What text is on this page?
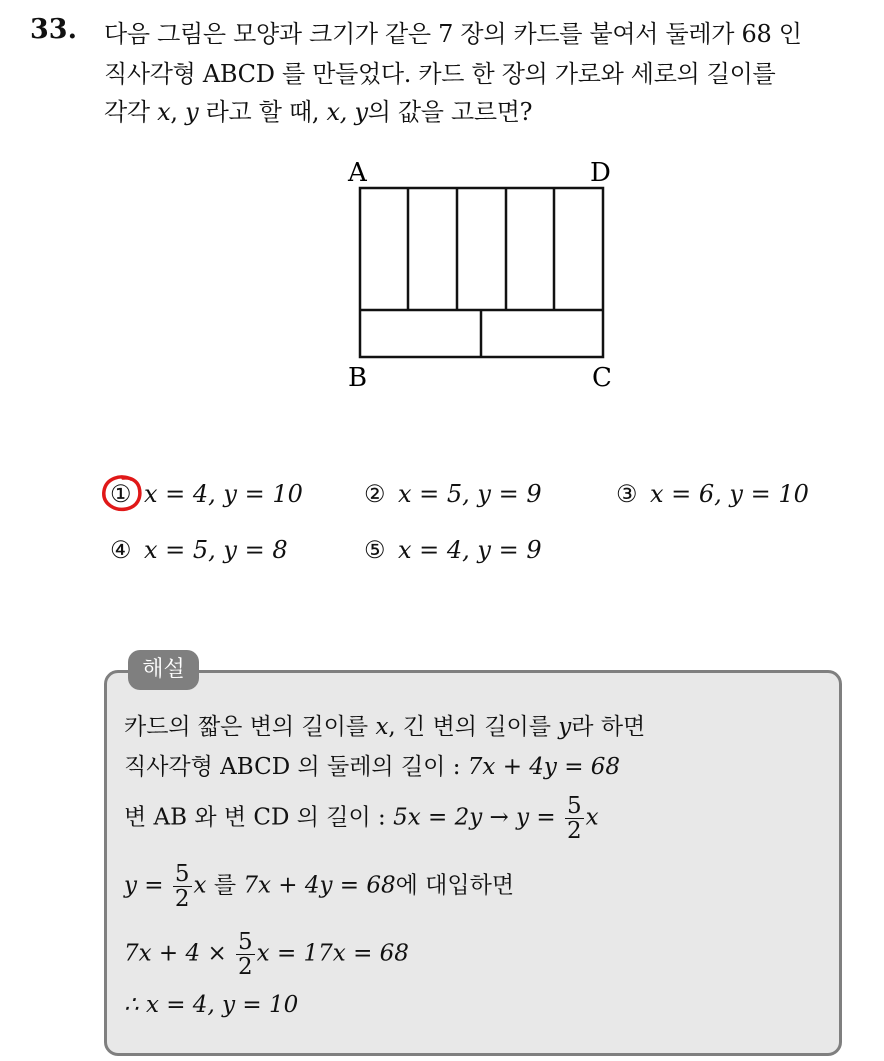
33. 다음 그림은 모양과 크기가 같은 7 장의 카드를 붙여서 둘레가 68 인
직사각형 ABCD 를 만들었다. 카드 한 장의 가로와 세로의 길이를
각각 x, y 라고 할 때, x, y의 값을 고르면?
A	D
B	C
① x = 4, y = 10	② x = 5, y = 9	③ x = 6, y = 10
④ x = 5, y = 8	⑤ x = 4, y = 9
해설
카드의 짧은 변의 길이를 x, 긴 변의 길이를 y라 하면
직사각형 ABCD 의 둘레의 길이 : 7x + 4y = 68
변 AB 와 변 CD 의 길이 : $5x = 2y \to y = \frac{5}{2}$ x
$y = \frac{5}{2}$ x 를 7x + 4y = 68에 대입하면
$7x + 4 \times \frac{5}{2}$ x = 17x = 68
∴ x = 4, y = 10
